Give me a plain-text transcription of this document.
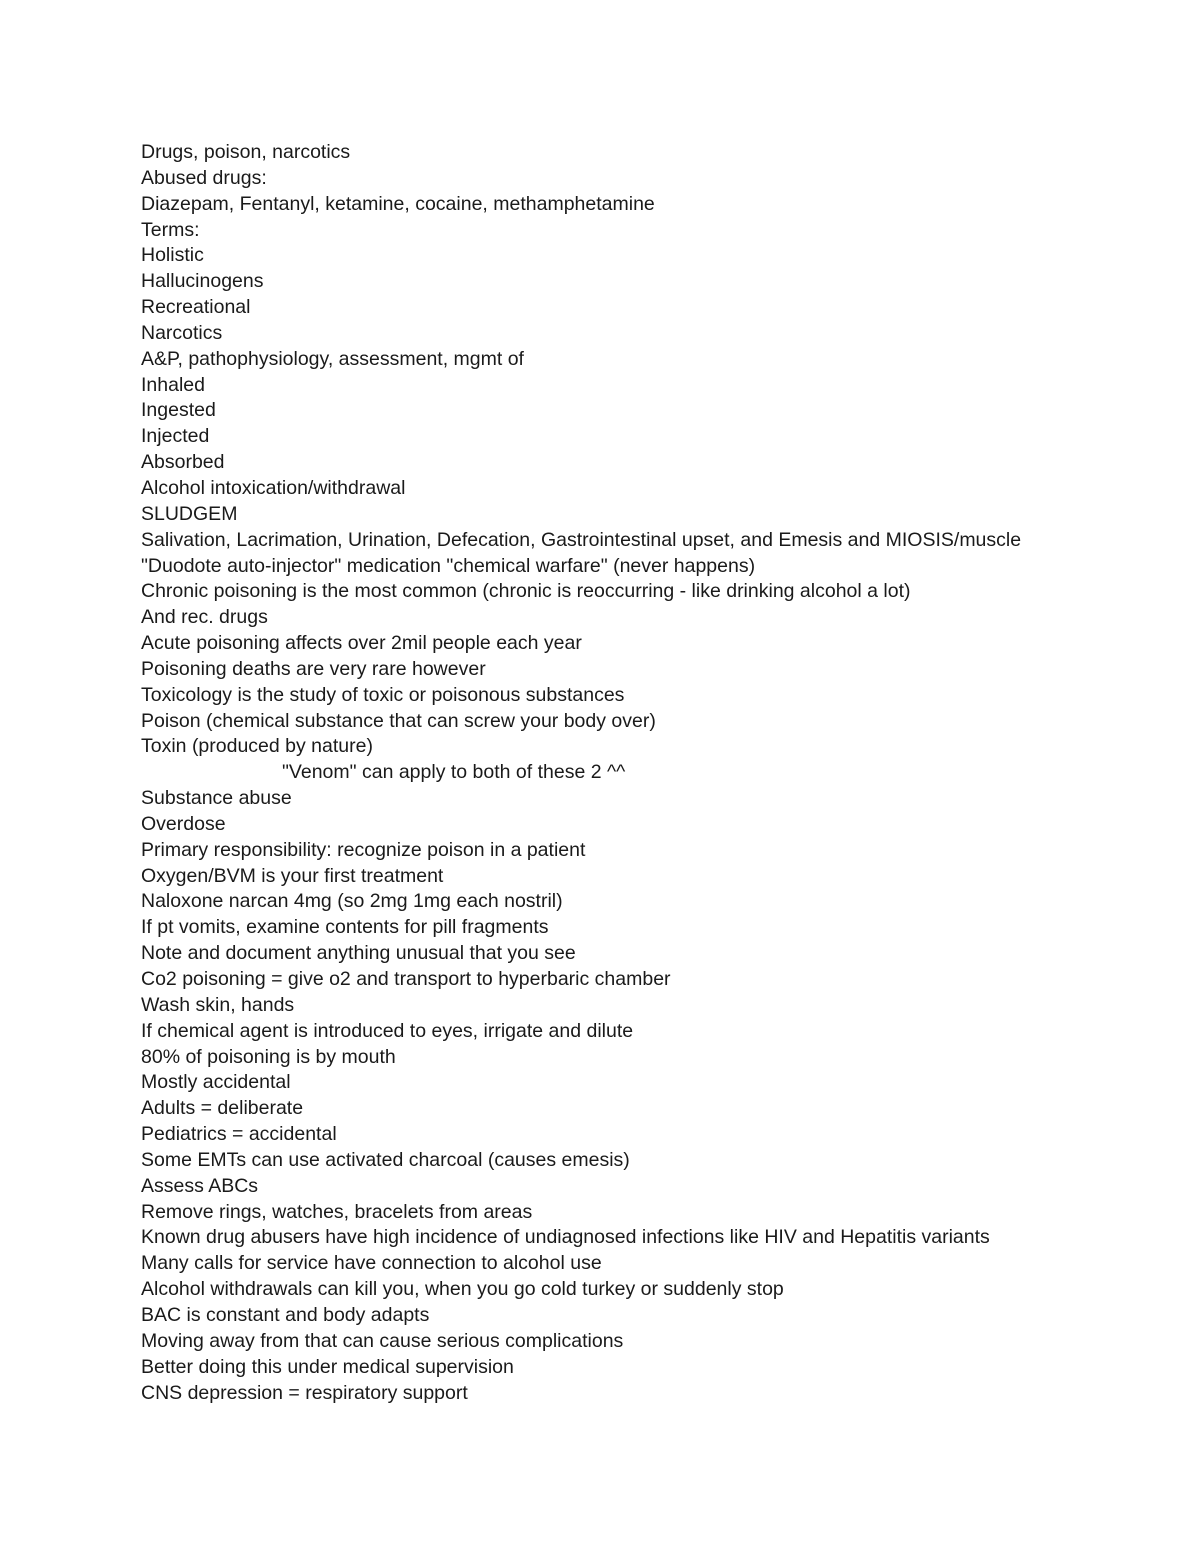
Drugs, poison, narcotics
Abused drugs:
Diazepam, Fentanyl, ketamine, cocaine, methamphetamine
Terms:
Holistic
Hallucinogens
Recreational
Narcotics
A&P, pathophysiology, assessment, mgmt of
Inhaled
Ingested
Injected
Absorbed
Alcohol intoxication/withdrawal
SLUDGEM
Salivation, Lacrimation, Urination, Defecation, Gastrointestinal upset, and Emesis and MIOSIS/muscle
"Duodote auto-injector" medication "chemical warfare" (never happens)
Chronic poisoning is the most common (chronic is reoccurring - like drinking alcohol a lot)
And rec. drugs
Acute poisoning affects over 2mil people each year
Poisoning deaths are very rare however
Toxicology is the study of toxic or poisonous substances
Poison (chemical substance that can screw your body over)
Toxin (produced by nature)
"Venom" can apply to both of these 2 ^^
Substance abuse
Overdose
Primary responsibility: recognize poison in a patient
Oxygen/BVM is your first treatment
Naloxone narcan 4mg (so 2mg 1mg each nostril)
If pt vomits, examine contents for pill fragments
Note and document anything unusual that you see
Co2 poisoning = give o2 and transport to hyperbaric chamber
Wash skin, hands
If chemical agent is introduced to eyes, irrigate and dilute
80% of poisoning is by mouth
Mostly accidental
Adults = deliberate
Pediatrics = accidental
Some EMTs can use activated charcoal (causes emesis)
Assess ABCs
Remove rings, watches, bracelets from areas
Known drug abusers have high incidence of undiagnosed infections like HIV and Hepatitis variants
Many calls for service have connection to alcohol use
Alcohol withdrawals can kill you, when you go cold turkey or suddenly stop
BAC is constant and body adapts
Moving away from that can cause serious complications
Better doing this under medical supervision
CNS depression = respiratory support
